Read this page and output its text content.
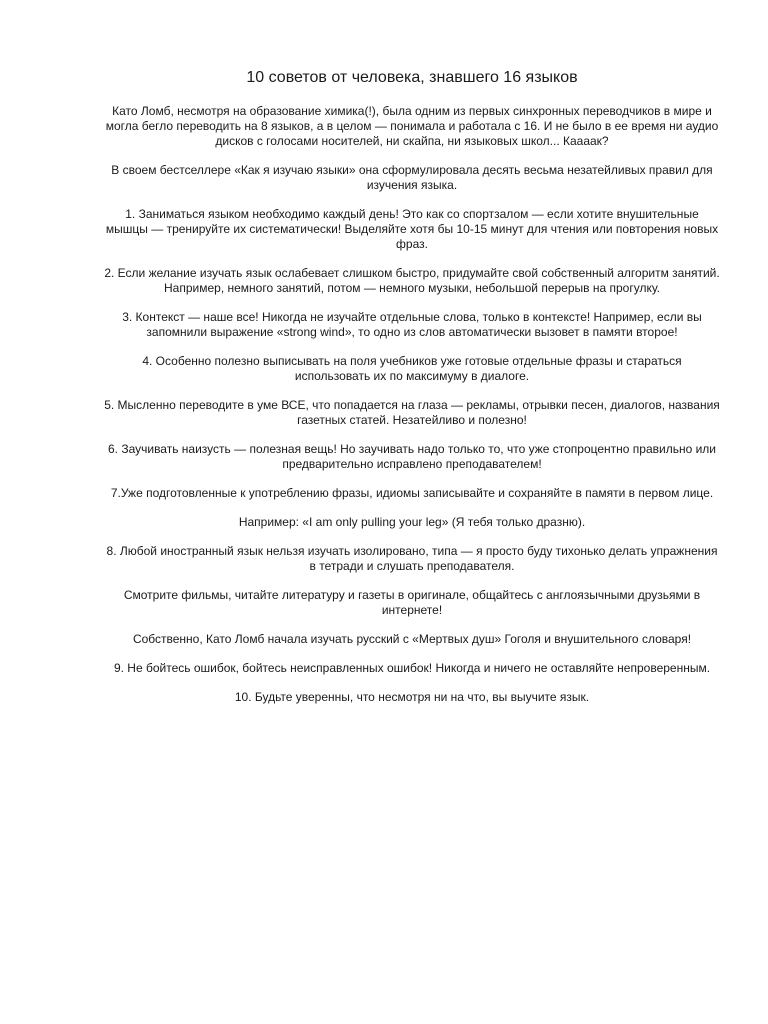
10 советов от человека, знавшего 16 языков

Като Ломб, несмотря на образование химика(!), была одним из первых синхронных переводчиков в мире и могла бегло переводить на 8 языков, а в целом — понимала и работала с 16. И не было в ее время ни аудио дисков с голосами носителей, ни скайпа, ни языковых школ... Кааaак?

В своем бестселлере «Как я изучаю языки» она сформулировала десять весьма незатейливых правил для изучения языка.

1. Заниматься языком необходимо каждый день! Это как со спортзалом — если хотите внушительные мышцы — тренируйте их систематически! Выделяйте хотя бы 10-15 минут для чтения или повторения новых фраз.

2. Если желание изучать язык ослабевает слишком быстро, придумайте свой собственный алгоритм занятий. Например, немного занятий, потом — немного музыки, небольшой перерыв на прогулку.

3. Контекст — наше все! Никогда не изучайте отдельные слова, только в контексте! Например, если вы запомнили выражение «strong wind», то одно из слов автоматически вызовет в памяти второе!

4. Особенно полезно выписывать на поля учебников уже готовые отдельные фразы и стараться использовать их по максимуму в диалоге.

5. Мысленно переводите в уме ВСЕ, что попадается на глаза — рекламы, отрывки песен, диалогов, названия газетных статей. Незатейливо и полезно!

6. Заучивать наизусть — полезная вещь! Но заучивать надо только то, что уже стопроцентно правильно или предварительно исправлено преподавателем!

7.Уже подготовленные к употреблению фразы, идиомы записывайте и сохраняйте в памяти в первом лице.

Например: «I am only pulling your leg» (Я тебя только дразню).

8. Любой иностранный язык нельзя изучать изолировано, типа — я просто буду тихонько делать упражнения в тетради и слушать преподавателя.

Смотрите фильмы, читайте литературу и газеты в оригинале, общайтесь с англоязычными друзьями в интернете!

Собственно, Като Ломб начала изучать русский с «Мертвых душ» Гоголя и внушительного словаря!

9. Не бойтесь ошибок, бойтесь неисправленных ошибок! Никогда и ничего не оставляйте непроверенным.

10. Будьте уверенны, что несмотря ни на что, вы выучите язык.
